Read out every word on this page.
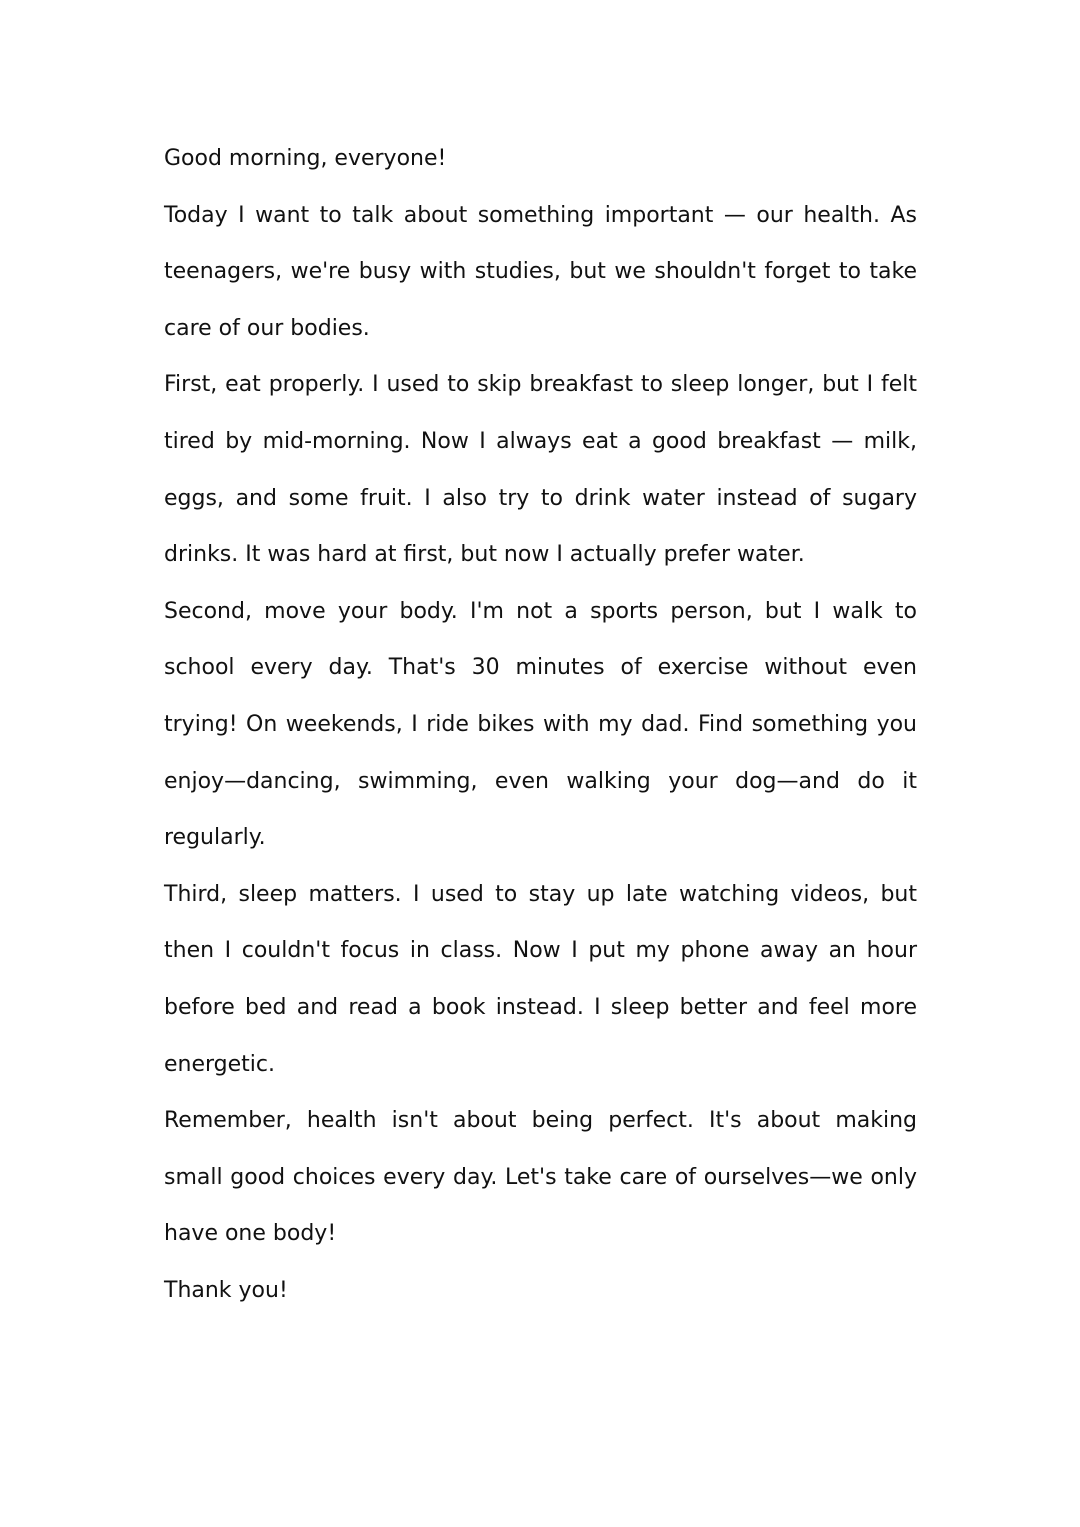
Good morning, everyone!

Today I want to talk about something important — our health. As teenagers, we're busy with studies, but we shouldn't forget to take care of our bodies.

First, eat properly. I used to skip breakfast to sleep longer, but I felt tired by mid-morning. Now I always eat a good breakfast — milk, eggs, and some fruit. I also try to drink water instead of sugary drinks. It was hard at first, but now I actually prefer water.

Second, move your body. I'm not a sports person, but I walk to school every day. That's 30 minutes of exercise without even trying! On weekends, I ride bikes with my dad. Find something you enjoy—dancing, swimming, even walking your dog—and do it regularly.

Third, sleep matters. I used to stay up late watching videos, but then I couldn't focus in class. Now I put my phone away an hour before bed and read a book instead. I sleep better and feel more energetic.

Remember, health isn't about being perfect. It's about making small good choices every day. Let's take care of ourselves—we only have one body!

Thank you!
